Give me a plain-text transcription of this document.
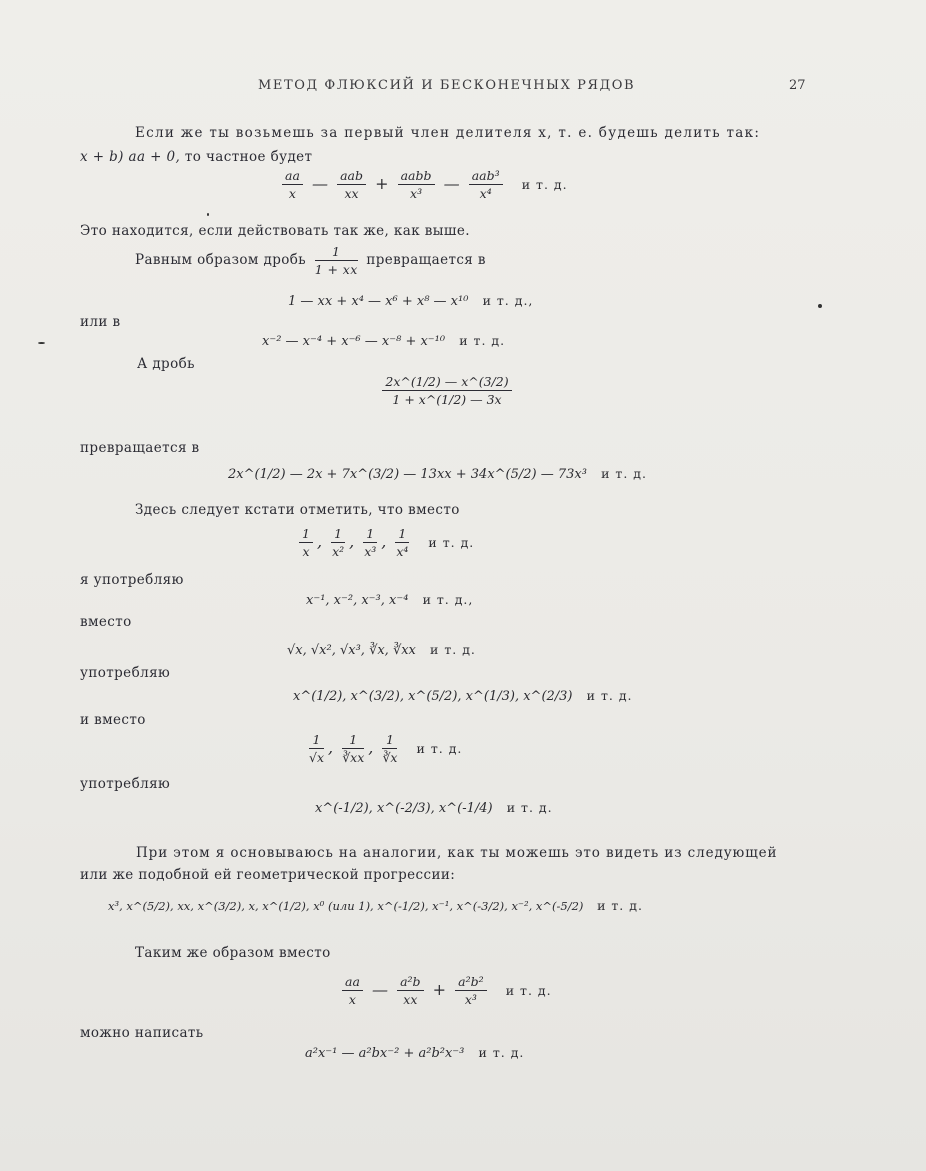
МЕТОД ФЛЮКСИЙ И БЕСКОНЕЧНЫХ РЯДОВ	27
Если же ты возьмешь за первый член делителя x, т. е. будешь делить так:
x + b) aa + 0, то частное будет
$\frac{aa}{x}$ — $\frac{\text{aab}}{xx} + \frac{\text{aabb}}{\text{x³}}$ — $\frac{\text{aab³}}{\text{x⁴}}$ и т. д.
Это находится, если действовать так же, как выше.
Равным образом дробь $\frac{1}{1 + xx}$ превращается в
1 — xx + x⁴ — x⁶ + x⁸ — x¹⁰ и т. д.,
или в
x⁻² — x⁻⁴ + x⁻⁶ — x⁻⁸ + x⁻¹⁰ и т. д.
А дробь
$\frac{2x\^{}(1/2) — x\^{}(3/2)}{1 + x\^{}(1/2) — 3x}$
превращается в
2x^(1/2) — 2x + 7x^(3/2) — 13xx + 34x^(5/2) — 73x³ и т. д.
Здесь следует кстати отметить, что вместо
$\frac{1}{x}$ , $\frac{1}{\text{x²}}$ , $\frac{1}{\text{x³}}$ , $\frac{1}{\text{x⁴}}$ и т. д.
я употребляю
x⁻¹, x⁻², x⁻³, x⁻⁴ и т. д.,
вместо
√x, √x², √x³, ∛x, ∛xx и т. д.
употребляю
x^(1/2), x^(3/2), x^(5/2), x^(1/3), x^(2/3) и т. д.
и вместо
$\frac{1}{√x}$ , $\frac{1}{∛xx}$ , $\frac{1}{∛x}$ и т. д.
употребляю
x^(-1/2), x^(-2/3), x^(-1/4) и т. д.
При этом я основываюсь на аналогии, как ты можешь это видеть из следующей
или же подобной ей геометрической прогрессии:
x³, x^(5/2), xx, x^(3/2), x, x^(1/2), x⁰ (или 1), x^(-1/2), x⁻¹, x^(-3/2), x⁻², x^(-5/2) и т. д.
Таким же образом вместо
$\frac{aa}{x}$ — $\frac{\text{a²b}}{xx} + \frac{\text{a²b²}}{\text{x³}}$ и т. д.
можно написать
a²x⁻¹ — a²bx⁻² + a²b²x⁻³ и т. д.
